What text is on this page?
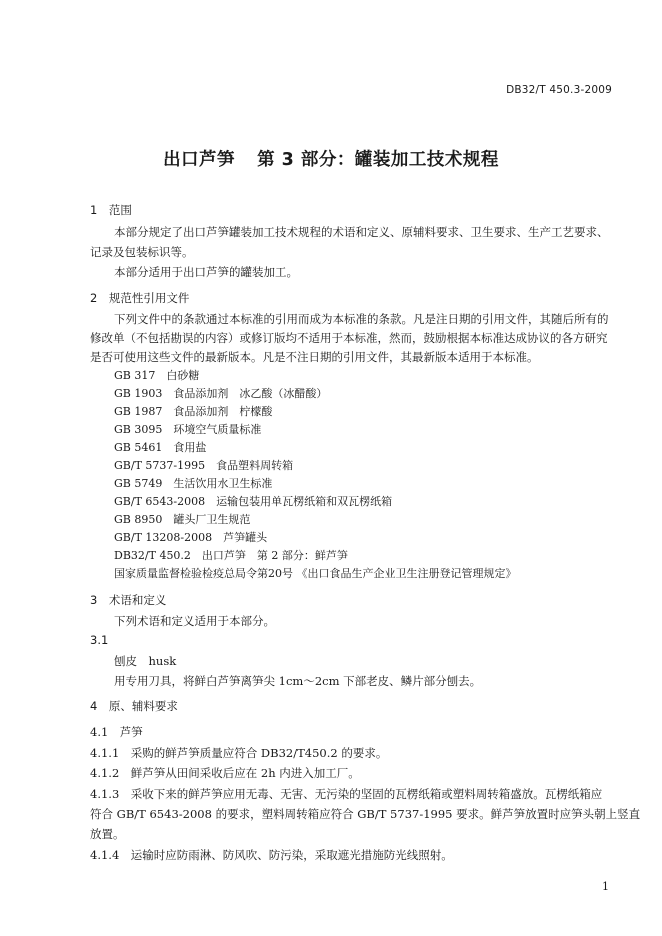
DB32/T 450.3-2009
出口芦笋 第 3 部分：罐装加工技术规程
1　范围
本部分规定了出口芦笋罐装加工技术规程的术语和定义、原辅料要求、卫生要求、生产工艺要求、
记录及包装标识等。
本部分适用于出口芦笋的罐装加工。
2　规范性引用文件
下列文件中的条款通过本标准的引用而成为本标准的条款。凡是注日期的引用文件，其随后所有的
修改单（不包括勘误的内容）或修订版均不适用于本标准，然而，鼓励根据本标准达成协议的各方研究
是否可使用这些文件的最新版本。凡是不注日期的引用文件，其最新版本适用于本标准。
GB 317　白砂糖
GB 1903　食品添加剂　冰乙酸（冰醋酸）
GB 1987　食品添加剂　柠檬酸
GB 3095　环境空气质量标准
GB 5461　食用盐
GB/T 5737-1995　食品塑料周转箱
GB 5749　生活饮用水卫生标准
GB/T 6543-2008　运输包装用单瓦楞纸箱和双瓦楞纸箱
GB 8950　罐头厂卫生规范
GB/T 13208-2008　芦笋罐头
DB32/T 450.2　出口芦笋　第 2 部分：鲜芦笋
国家质量监督检验检疫总局令第20号 《出口食品生产企业卫生注册登记管理规定》
3　术语和定义
下列术语和定义适用于本部分。
3.1
刨皮　husk
用专用刀具，将鲜白芦笋离笋尖 1cm～2cm 下部老皮、鳞片部分刨去。
4　原、辅料要求
4.1　芦笋
4.1.1　采购的鲜芦笋质量应符合 DB32/T450.2 的要求。
4.1.2　鲜芦笋从田间采收后应在 2h 内进入加工厂。
4.1.3　采收下来的鲜芦笋应用无毒、无害、无污染的坚固的瓦楞纸箱或塑料周转箱盛放。瓦楞纸箱应
符合 GB/T 6543-2008 的要求，塑料周转箱应符合 GB/T 5737-1995 要求。鲜芦笋放置时应笋头朝上竖直
放置。
4.1.4　运输时应防雨淋、防风吹、防污染，采取遮光措施防光线照射。
1
